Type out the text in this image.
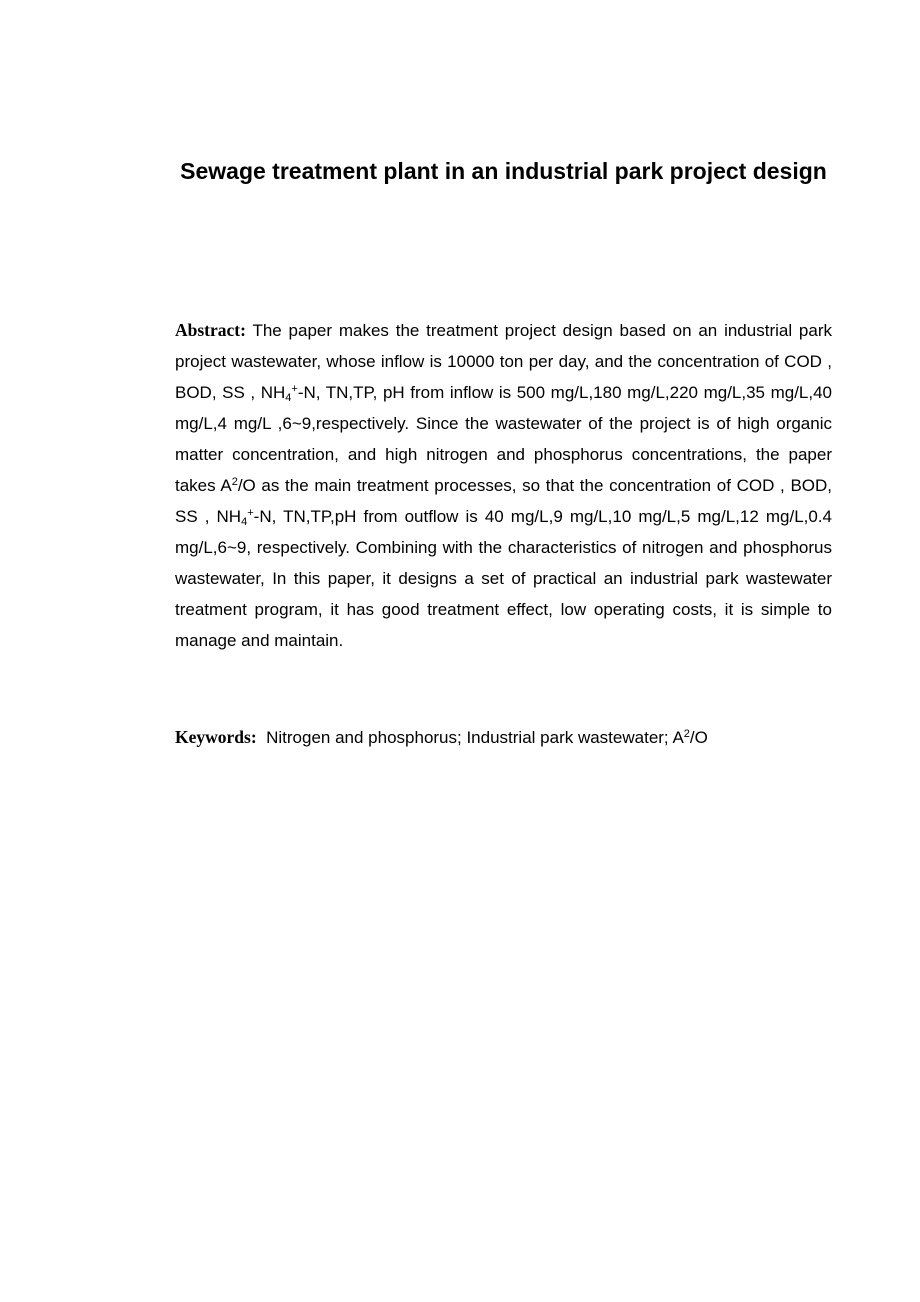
Sewage treatment plant in an industrial park project design

Abstract: The paper makes the treatment project design based on an industrial park project wastewater, whose inflow is 10000 ton per day, and the concentration of COD , BOD, SS , $NH_4^+-N$, TN,TP, pH from inflow is 500 mg/L,180 mg/L,220 mg/L,35 mg/L,40 mg/L,4 mg/L ,6~9,respectively. Since the wastewater of the project is of high organic matter concentration, and high nitrogen and phosphorus concentrations, the paper takes $A^2/O$ as the main treatment processes, so that the concentration of COD , BOD, SS , $NH_4^+-N$, TN,TP,pH from outflow is 40 mg/L,9 mg/L,10 mg/L,5 mg/L,12 mg/L,0.4 mg/L,6~9, respectively. Combining with the characteristics of nitrogen and phosphorus wastewater, In this paper, it designs a set of practical an industrial park wastewater treatment program, it has good treatment effect, low operating costs, it is simple to manage and maintain.

Keywords:  Nitrogen and phosphorus; Industrial park wastewater; $A^2/O$
